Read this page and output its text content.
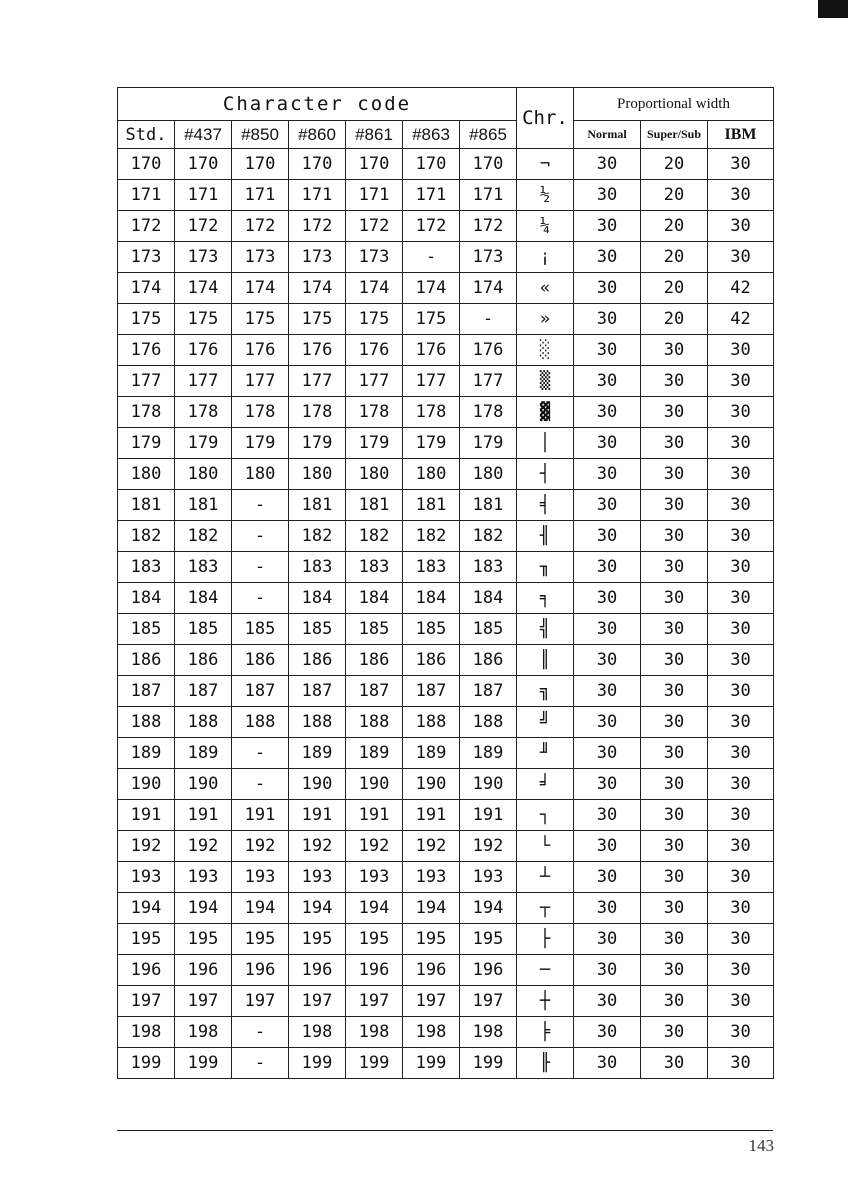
Character code							Chr.	Proportional width		
Std.	#437	#850	#860	#861	#863	#865		Normal	Super/Sub	IBM
170	170	170	170	170	170	170	¬	30	20	30
171	171	171	171	171	171	171	½	30	20	30
172	172	172	172	172	172	172	¼	30	20	30
173	173	173	173	173	-	173	¡	30	20	30
174	174	174	174	174	174	174	«	30	20	42
175	175	175	175	175	175	-	»	30	20	42
176	176	176	176	176	176	176	░	30	30	30
177	177	177	177	177	177	177	▒	30	30	30
178	178	178	178	178	178	178	▓	30	30	30
179	179	179	179	179	179	179	│	30	30	30
180	180	180	180	180	180	180	┤	30	30	30
181	181	-	181	181	181	181	╡	30	30	30
182	182	-	182	182	182	182	╢	30	30	30
183	183	-	183	183	183	183	╖	30	30	30
184	184	-	184	184	184	184	╕	30	30	30
185	185	185	185	185	185	185	╣	30	30	30
186	186	186	186	186	186	186	║	30	30	30
187	187	187	187	187	187	187	╗	30	30	30
188	188	188	188	188	188	188	╝	30	30	30
189	189	-	189	189	189	189	╜	30	30	30
190	190	-	190	190	190	190	╛	30	30	30
191	191	191	191	191	191	191	┐	30	30	30
192	192	192	192	192	192	192	└	30	30	30
193	193	193	193	193	193	193	┴	30	30	30
194	194	194	194	194	194	194	┬	30	30	30
195	195	195	195	195	195	195	├	30	30	30
196	196	196	196	196	196	196	─	30	30	30
197	197	197	197	197	197	197	┼	30	30	30
198	198	-	198	198	198	198	╞	30	30	30
199	199	-	199	199	199	199	╟	30	30	30
143
